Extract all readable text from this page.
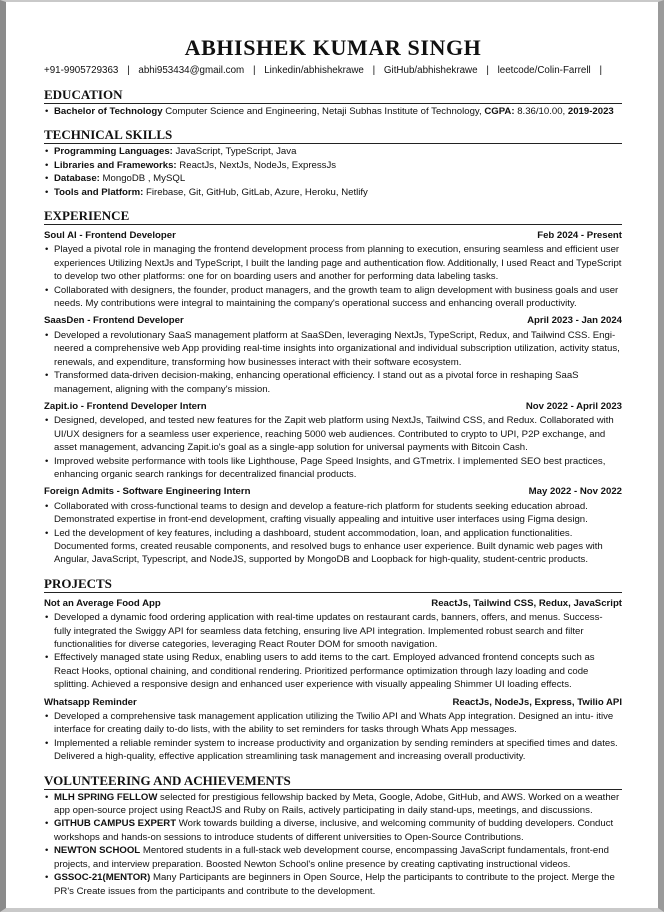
ABHISHEK KUMAR SINGH
+91-9905729363 | abhi953434@gmail.com | Linkedin/abhishekrawe | GitHub/abhishekrawe | leetcode/Colin-Farrell |
EDUCATION
• Bachelor of Technology Computer Science and Engineering, Netaji Subhas Institute of Technology, CGPA: 8.36/10.00, 2019-2023
TECHNICAL SKILLS
• Programming Languages: JavaScript, TypeScript, Java
• Libraries and Frameworks: ReactJs, NextJs, NodeJs, ExpressJs
• Database: MongoDB , MySQL
• Tools and Platform: Firebase, Git, GitHub, GitLab, Azure, Heroku, Netlify
EXPERIENCE
Soul AI - Frontend Developer	Feb 2024 - Present
• Played a pivotal role in managing the frontend development process from planning to execution, ensuring seamless and efficient user experiences Utilizing NextJs and TypeScript, I built the landing page and authentication flow. Additionally, I used React and TypeScript to develop two other platforms: one for on boarding users and another for performing data labeling tasks.
• Collaborated with designers, the founder, product managers, and the growth team to align development with business goals and user needs. My contributions were integral to maintaining the company's operational success and enhancing overall productivity.
SaasDen - Frontend Developer	April 2023 - Jan 2024
• Developed a revolutionary SaaS management platform at SaaSDen, leveraging NextJs, TypeScript, Redux, and Tailwind CSS. Engi- neered a comprehensive web App providing real-time insights into organizational and individual subscription utilization, activity status, renewals, and expenditure, transforming how businesses interact with their software ecosystem.
• Transformed data-driven decision-making, enhancing operational efficiency. I stand out as a pivotal force in reshaping SaaS management, aligning with the company's mission.
Zapit.io - Frontend Developer Intern	Nov 2022 - April 2023
• Designed, developed, and tested new features for the Zapit web platform using NextJs, Tailwind CSS, and Redux. Collaborated with UI/UX designers for a seamless user experience, reaching 5000 web audiences. Contributed to crypto to UPI, P2P exchange, and asset management, advancing Zapit.io's goal as a single-app solution for universal payments with Bitcoin Cash.
• Improved website performance with tools like Lighthouse, Page Speed Insights, and GTmetrix. I implemented SEO best practices, enhancing organic search rankings for decentralized financial products.
Foreign Admits - Software Engineering Intern	May 2022 - Nov 2022
• Collaborated with cross-functional teams to design and develop a feature-rich platform for students seeking education abroad. Demonstrated expertise in front-end development, crafting visually appealing and intuitive user interfaces using Figma design.
• Led the development of key features, including a dashboard, student accommodation, loan, and application functionalities. Documented forms, created reusable components, and resolved bugs to enhance user experience. Built dynamic web pages with Angular, JavaScript, Typescript, and NodeJS, supported by MongoDB and Loopback for high-quality, student-centric products.
PROJECTS
Not an Average Food App	ReactJs, Tailwind CSS, Redux, JavaScript
• Developed a dynamic food ordering application with real-time updates on restaurant cards, banners, offers, and menus. Success- fully integrated the Swiggy API for seamless data fetching, ensuring live API integration. Implemented robust search and filter functionalities for diverse categories, leveraging React Router DOM for smooth navigation.
• Effectively managed state using Redux, enabling users to add items to the cart. Employed advanced frontend concepts such as React Hooks, optional chaining, and conditional rendering. Prioritized performance optimization through lazy loading and code splitting. Achieved a responsive design and enhanced user experience with visually appealing Shimmer UI loading effects.
Whatsapp Reminder	ReactJs, NodeJs, Express, Twilio API
• Developed a comprehensive task management application utilizing the Twilio API and Whats App integration. Designed an intu- itive interface for creating daily to-do lists, with the ability to set reminders for tasks through Whats App messages.
• Implemented a reliable reminder system to increase productivity and organization by sending reminders at specified times and dates. Delivered a high-quality, effective application streamlining task management and increasing overall productivity.
VOLUNTEERING AND ACHIEVEMENTS
• MLH SPRING FELLOW selected for prestigious fellowship backed by Meta, Google, Adobe, GitHub, and AWS. Worked on a weather app open-source project using ReactJS and Ruby on Rails, actively participating in daily stand-ups, meetings, and discussions.
• GITHUB CAMPUS EXPERT Work towards building a diverse, inclusive, and welcoming community of budding developers. Conduct workshops and hands-on sessions to introduce students of different universities to Open-Source Contributions.
• NEWTON SCHOOL Mentored students in a full-stack web development course, encompassing JavaScript fundamentals, front-end projects, and interview preparation. Boosted Newton School's online presence by creating captivating instructional videos.
• GSSOC-21(MENTOR) Many Participants are beginners in Open Source, Help the participants to contribute to the project. Merge the PR's Create issues from the participants and contribute to the development.
